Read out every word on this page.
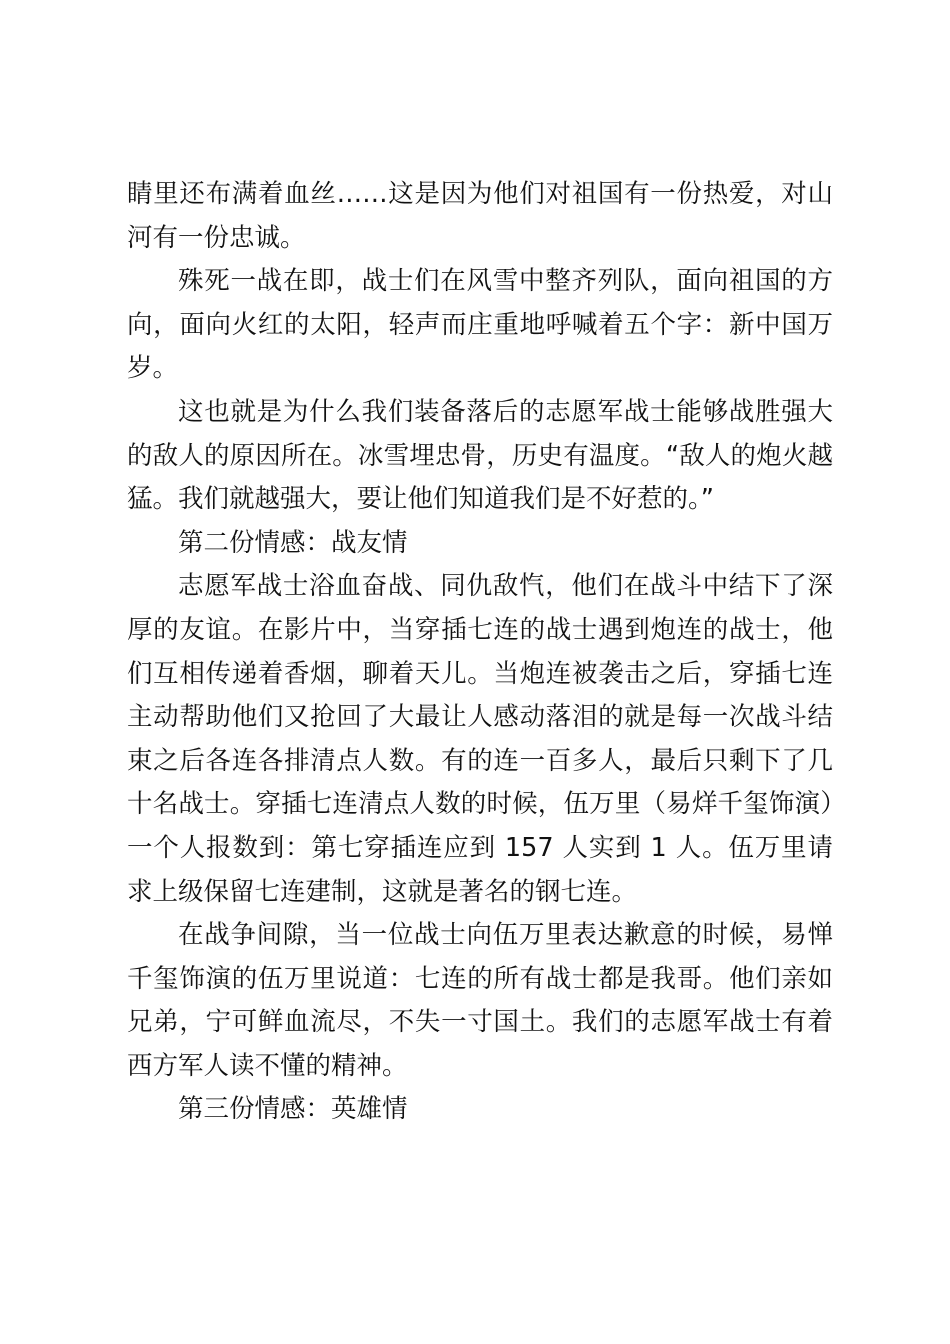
睛里还布满着血丝……这是因为他们对祖国有一份热爱，对山河有一份忠诚。

殊死一战在即，战士们在风雪中整齐列队，面向祖国的方向，面向火红的太阳，轻声而庄重地呼喊着五个字：新中国万岁。

这也就是为什么我们装备落后的志愿军战士能够战胜强大的敌人的原因所在。冰雪埋忠骨，历史有温度。“敌人的炮火越猛。我们就越强大，要让他们知道我们是不好惹的。”

第二份情感：战友情

志愿军战士浴血奋战、同仇敌忾，他们在战斗中结下了深厚的友谊。在影片中，当穿插七连的战士遇到炮连的战士，他们互相传递着香烟，聊着天儿。当炮连被袭击之后，穿插七连主动帮助他们又抢回了大最让人感动落泪的就是每一次战斗结束之后各连各排清点人数。有的连一百多人，最后只剩下了几十名战士。穿插七连清点人数的时候，伍万里（易烊千玺饰演）一个人报数到：第七穿插连应到 157 人实到 1 人。伍万里请求上级保留七连建制，这就是著名的钢七连。

在战争间隙，当一位战士向伍万里表达歉意的时候，易惮千玺饰演的伍万里说道：七连的所有战士都是我哥。他们亲如兄弟，宁可鲜血流尽，不失一寸国土。我们的志愿军战士有着西方军人读不懂的精神。

第三份情感：英雄情
